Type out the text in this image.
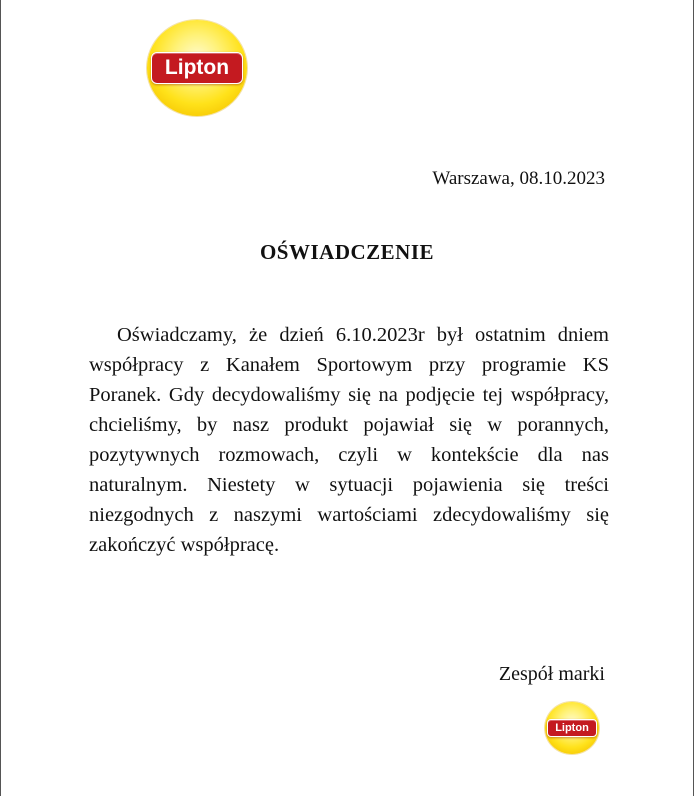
Lipton
Warszawa, 08.10.2023
OŚWIADCZENIE

Oświadczamy, że dzień 6.10.2023r był ostatnim dniem współpracy z Kanałem Sportowym przy programie KS Poranek. Gdy decydowaliśmy się na podjęcie tej współpracy, chcieliśmy, by nasz produkt pojawiał się w porannych, pozytywnych rozmowach, czyli w kontekście dla nas naturalnym. Niestety w sytuacji pojawienia się treści niezgodnych z naszymi wartościami zdecydowaliśmy się zakończyć współpracę.

Zespół marki
Lipton
